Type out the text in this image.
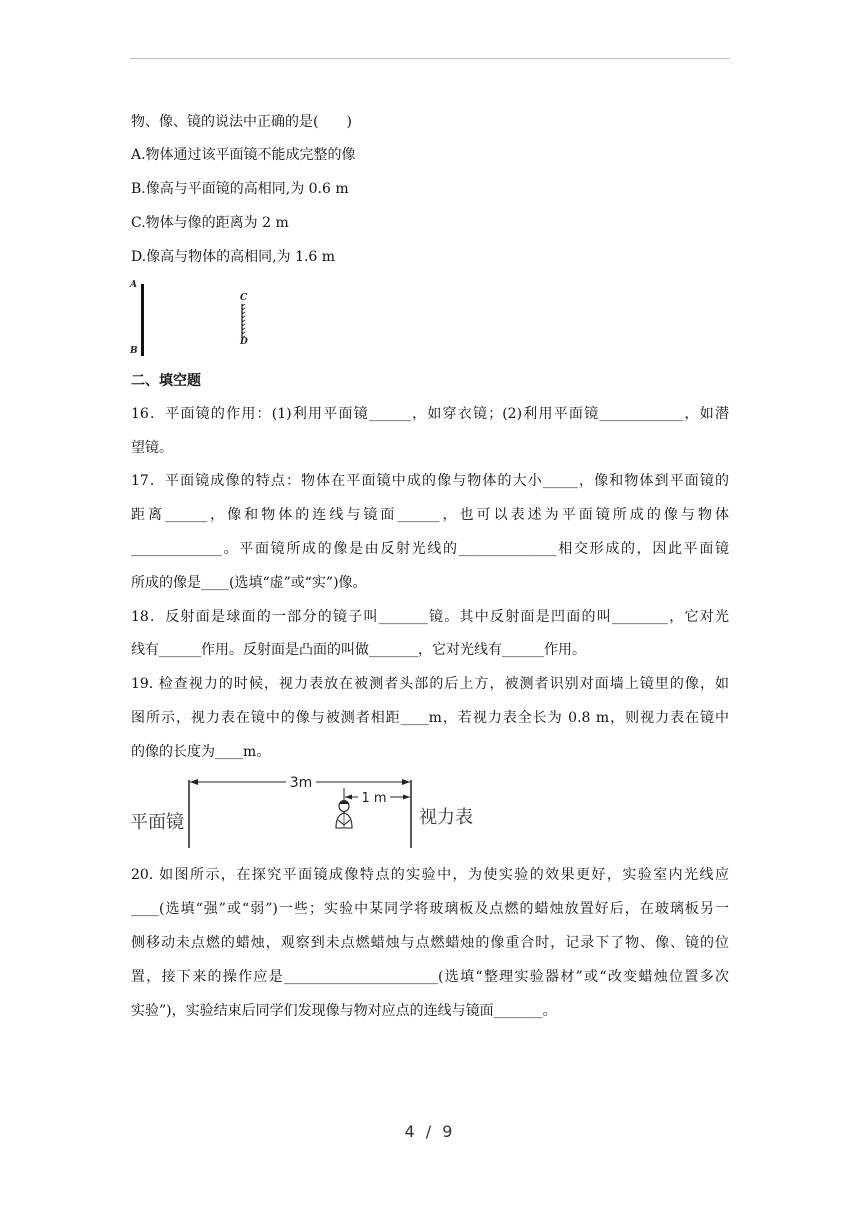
物、像、镜的说法中正确的是(　　)
A.物体通过该平面镜不能成完整的像
B.像高与平面镜的高相同,为 0.6 m
C.物体与像的距离为 2 m
D.像高与物体的高相同,为 1.6 m
A
B
C
D
二、填空题
16．平面镜的作用：(1)利用平面镜______，如穿衣镜；(2)利用平面镜____________，如潜
望镜。
17．平面镜成像的特点：物体在平面镜中成的像与物体的大小_____，像和物体到平面镜的
距离______，像和物体的连线与镜面______，也可以表述为平面镜所成的像与物体
_____________。平面镜所成的像是由反射光线的______________相交形成的，因此平面镜
所成的像是____(选填“虚”或“实”)像。
18．反射面是球面的一部分的镜子叫_______镜。其中反射面是凹面的叫________，它对光
线有______作用。反射面是凸面的叫做_______，它对光线有______作用。
19. 检查视力的时候，视力表放在被测者头部的后上方，被测者识别对面墙上镜里的像，如
图所示，视力表在镜中的像与被测者相距____m，若视力表全长为 0.8 m，则视力表在镜中
的像的长度为____m。
3m
1 m
平面镜	视力表
20. 如图所示，在探究平面镜成像特点的实验中，为使实验的效果更好，实验室内光线应
____(选填“强”或“弱”)一些；实验中某同学将玻璃板及点燃的蜡烛放置好后，在玻璃板另一
侧移动未点燃的蜡烛，观察到未点燃蜡烛与点燃蜡烛的像重合时，记录下了物、像、镜的位
置，接下来的操作应是______________________(选填“整理实验器材”或“改变蜡烛位置多次
实验”)，实验结束后同学们发现像与物对应点的连线与镜面_______。
4 / 9
